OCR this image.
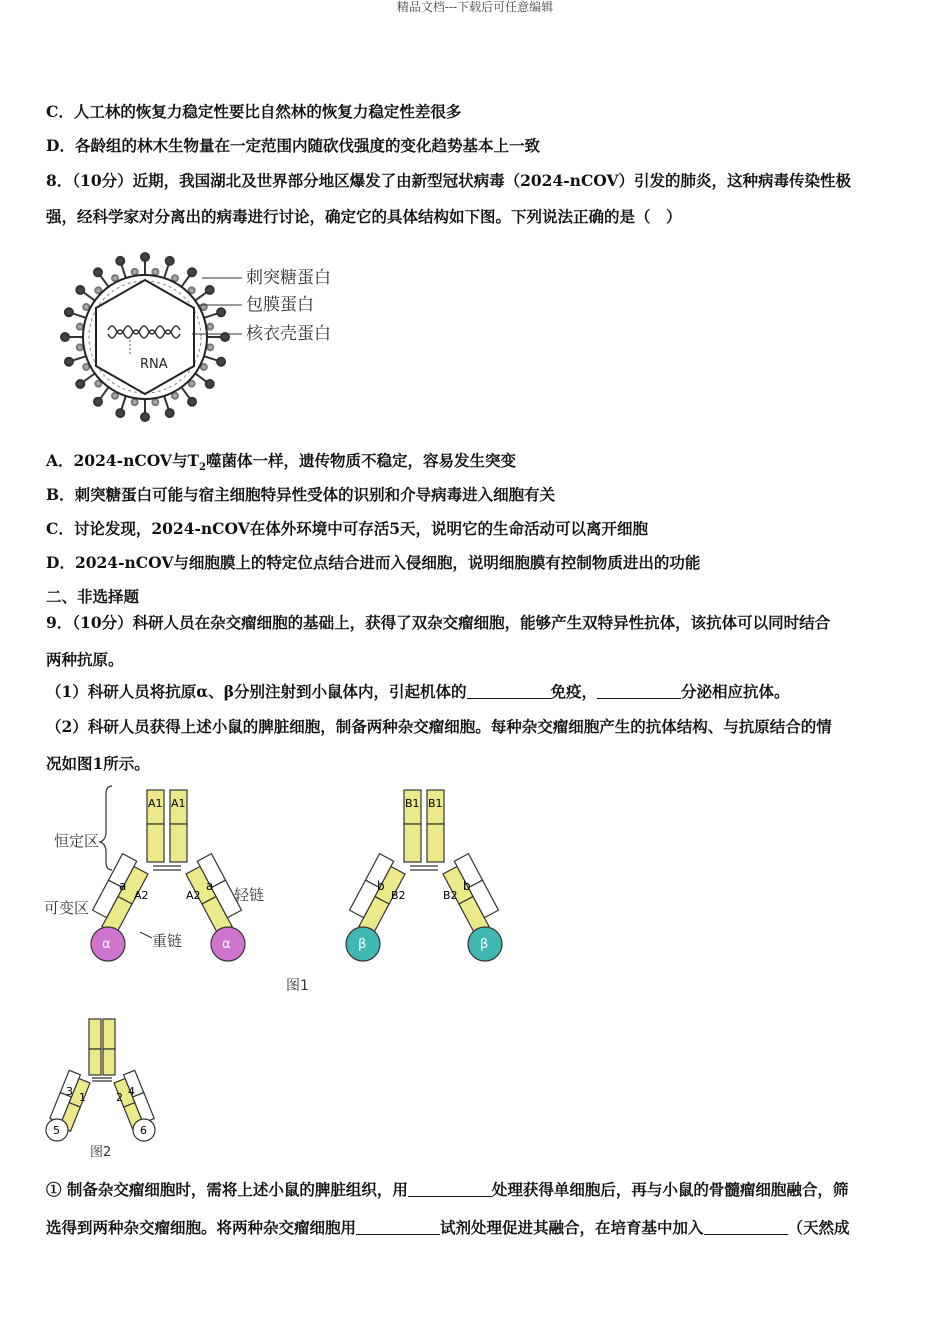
精品文档---下载后可任意编辑
C．人工林的恢复力稳定性要比自然林的恢复力稳定性差很多
D．各龄组的林木生物量在一定范围内随砍伐强度的变化趋势基本上一致
8．（10分）近期，我国湖北及世界部分地区爆发了由新型冠状病毒（2024-nCOV）引发的肺炎，这种病毒传染性极
强，经科学家对分离出的病毒进行讨论，确定它的具体结构如下图。下列说法正确的是（　）
RNA
刺突糖蛋白
包膜蛋白
核衣壳蛋白
A．2024-nCOV与$T_2$噬菌体一样，遗传物质不稳定，容易发生突变
B．刺突糖蛋白可能与宿主细胞特异性受体的识别和介导病毒进入细胞有关
C．讨论发现，2024-nCOV在体外环境中可存活5天，说明它的生命活动可以离开细胞
D．2024-nCOV与细胞膜上的特定位点结合进而入侵细胞，说明细胞膜有控制物质进出的功能
二、非选择题
9．（10分）科研人员在杂交瘤细胞的基础上，获得了双杂交瘤细胞，能够产生双特异性抗体，该抗体可以同时结合
两种抗原。
（1）科研人员将抗原α、β分别注射到小鼠体内，引起机体的	免疫，	分泌相应抗体。
（2）科研人员获得上述小鼠的脾脏细胞，制备两种杂交瘤细胞。每种杂交瘤细胞产生的抗体结构、与抗原结合的情
况如图1所示。
恒定区
可变区
轻链
重链
A1 A1
A2	A2
a	a
α	α
B1 B1
B2	B2
b	b
β	β
图1
1	2
3	4
5	6
图2
① 制备杂交瘤细胞时，需将上述小鼠的脾脏组织，用	处理获得单细胞后，再与小鼠的骨髓瘤细胞融合，筛
选得到两种杂交瘤细胞。将两种杂交瘤细胞用	试剂处理促进其融合，在培育基中加入	（天然成
